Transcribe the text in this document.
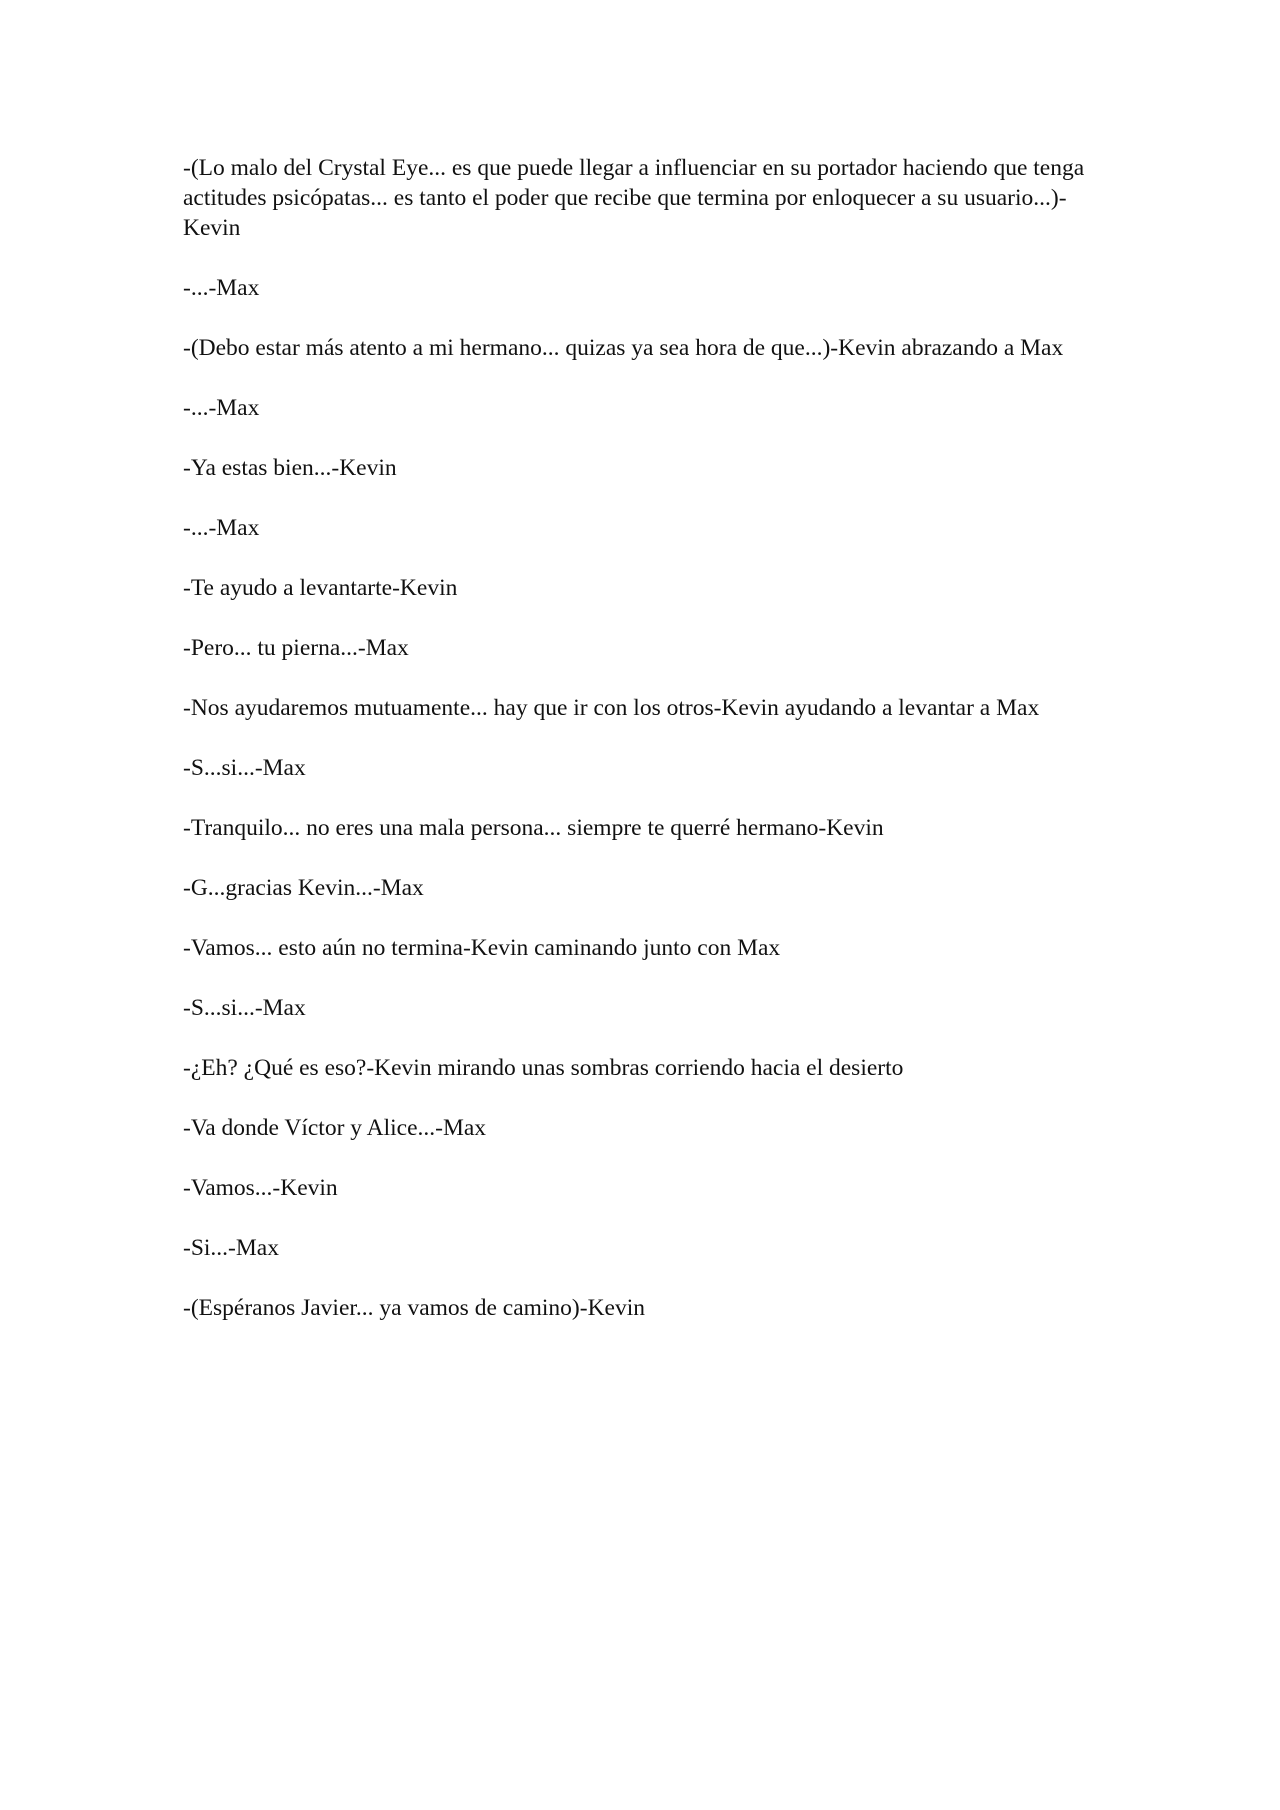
-(Lo malo del Crystal Eye... es que puede llegar a influenciar en su portador haciendo que tenga actitudes psicópatas... es tanto el poder que recibe que termina por enloquecer a su usuario...)-Kevin

-...-Max

-(Debo estar más atento a mi hermano... quizas ya sea hora de que...)-Kevin abrazando a Max

-...-Max

-Ya estas bien...-Kevin

-...-Max

-Te ayudo a levantarte-Kevin

-Pero... tu pierna...-Max

-Nos ayudaremos mutuamente... hay que ir con los otros-Kevin ayudando a levantar a Max

-S...si...-Max

-Tranquilo... no eres una mala persona... siempre te querré hermano-Kevin

-G...gracias Kevin...-Max

-Vamos... esto aún no termina-Kevin caminando junto con Max

-S...si...-Max

-¿Eh? ¿Qué es eso?-Kevin mirando unas sombras corriendo hacia el desierto

-Va donde Víctor y Alice...-Max

-Vamos...-Kevin

-Si...-Max

-(Espéranos Javier... ya vamos de camino)-Kevin
